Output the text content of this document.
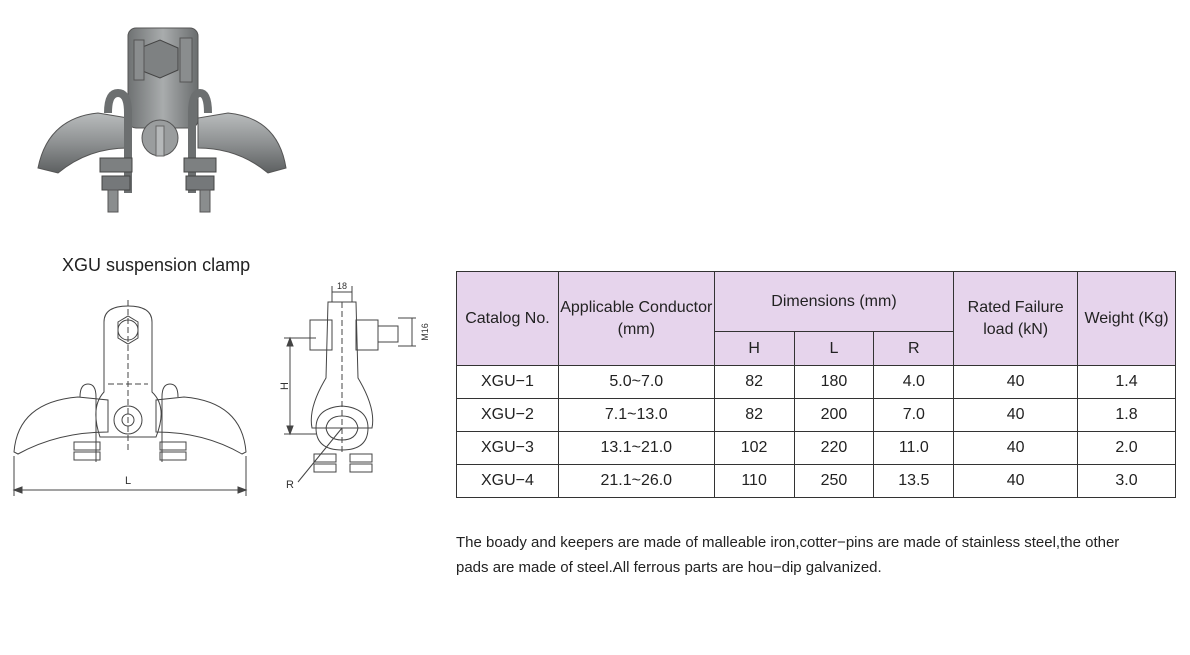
XGU suspension clamp
L
18
M16
H
R
Catalog No.	Applicable Conductor (mm)	Dimensions (mm)			Rated Failure load (kN)	Weight (Kg)
		H	L	R		
XGU−1	5.0~7.0	82	180	4.0	40	1.4
XGU−2	7.1~13.0	82	200	7.0	40	1.8
XGU−3	13.1~21.0	102	220	11.0	40	2.0
XGU−4	21.1~26.0	110	250	13.5	40	3.0

The boady and keepers are made of malleable iron,cotter−pins are made of stainless steel,the other

pads are made of steel.All ferrous parts are hou−dip galvanized.
